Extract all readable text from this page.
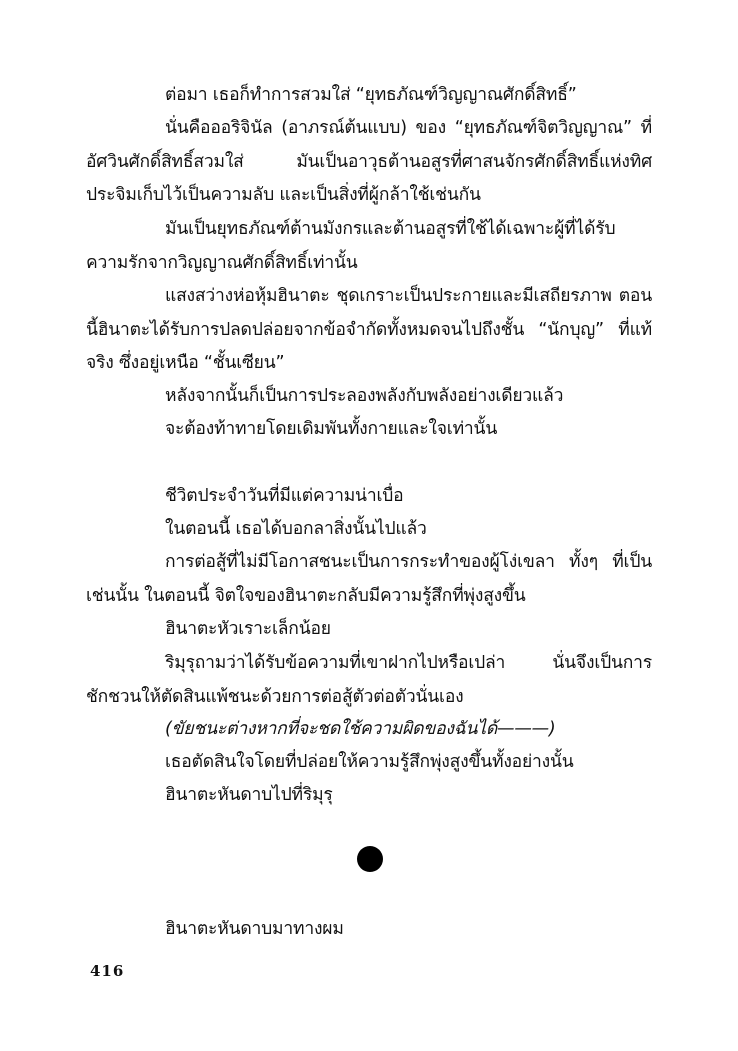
ต่อมา เธอก็ทำการสวมใส่ “ยุทธภัณฑ์วิญญาณศักดิ์สิทธิ์”

นั่นคือออริจินัล (อาภรณ์ต้นแบบ) ของ “ยุทธภัณฑ์จิตวิญญาณ” ที่อัศวินศักดิ์สิทธิ์สวมใส่ มันเป็นอาวุธต้านอสูรที่ศาสนจักรศักดิ์สิทธิ์แห่งทิศประจิมเก็บไว้เป็นความลับ และเป็นสิ่งที่ผู้กล้าใช้เช่นกัน

มันเป็นยุทธภัณฑ์ต้านมังกรและต้านอสูรที่ใช้ได้เฉพาะผู้ที่ได้รับความรักจากวิญญาณศักดิ์สิทธิ์เท่านั้น

แสงสว่างห่อหุ้มฮินาตะ ชุดเกราะเป็นประกายและมีเสถียรภาพ ตอนนี้ฮินาตะได้รับการปลดปล่อยจากข้อจำกัดทั้งหมดจนไปถึงชั้น “นักบุญ” ที่แท้จริง ซึ่งอยู่เหนือ “ชั้นเซียน”

หลังจากนั้นก็เป็นการประลองพลังกับพลังอย่างเดียวแล้ว

จะต้องท้าทายโดยเดิมพันทั้งกายและใจเท่านั้น

ชีวิตประจำวันที่มีแต่ความน่าเบื่อ

ในตอนนี้ เธอได้บอกลาสิ่งนั้นไปแล้ว

การต่อสู้ที่ไม่มีโอกาสชนะเป็นการกระทำของผู้โง่เขลา ทั้งๆ ที่เป็นเช่นนั้น ในตอนนี้ จิตใจของฮินาตะกลับมีความรู้สึกที่พุ่งสูงขึ้น

ฮินาตะหัวเราะเล็กน้อย

ริมุรุถามว่าได้รับข้อความที่เขาฝากไปหรือเปล่า นั่นจึงเป็นการชักชวนให้ตัดสินแพ้ชนะด้วยการต่อสู้ตัวต่อตัวนั่นเอง

(ขัยชนะต่างหากที่จะชดใช้ความผิดของฉันได้———)

เธอตัดสินใจโดยที่ปล่อยให้ความรู้สึกพุ่งสูงขึ้นทั้งอย่างนั้น

ฮินาตะหันดาบไปที่ริมุรุ

ฮินาตะหันดาบมาทางผม

416
